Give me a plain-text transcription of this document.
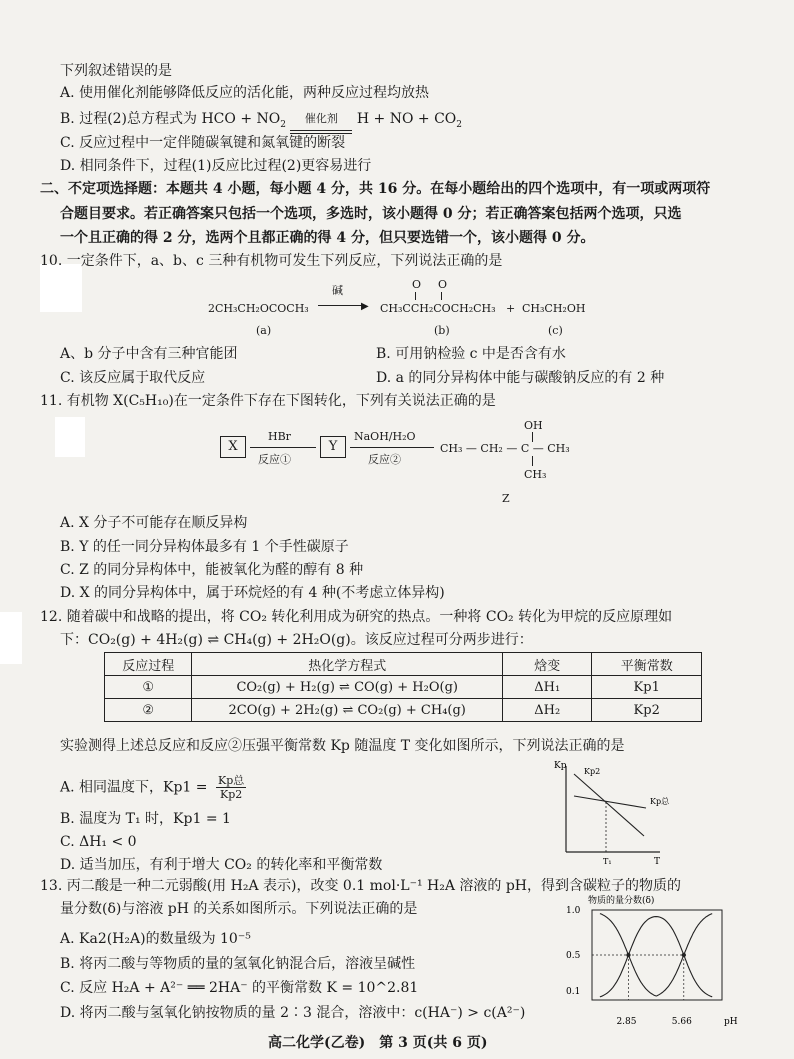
下列叙述错误的是
A. 使用催化剂能够降低反应的活化能，两种反应过程均放热
B. 过程(2)总方程式为 HCO + $NO_2$	催化剂	H + NO + $CO_2$
C. 反应过程中一定伴随碳氧键和氮氧键的断裂
D. 相同条件下，过程(1)反应比过程(2)更容易进行
二、不定项选择题：本题共 4 小题，每小题 4 分，共 16 分。在每小题给出的四个选项中，有一项或两项符
合题目要求。若正确答案只包括一个选项，多选时，该小题得 0 分；若正确答案包括两个选项，只选
一个且正确的得 2 分，选两个且都正确的得 4 分，但只要选错一个，该小题得 0 分。
10. 一定条件下，a、b、c 三种有机物可发生下列反应，下列说法正确的是
2CH₃CH₂OCOCH₃
碱
▶
O O
CH₃CCH₂COCH₂CH₃ + CH₃CH₂OH
(a)	(b)	(c)
A、b 分子中含有三种官能团	B. 可用钠检验 c 中是否含有水
C. 该反应属于取代反应	D. a 的同分异构体中能与碳酸钠反应的有 2 种
11. 有机物 X(C₅H₁₀)在一定条件下存在下图转化，下列有关说法正确的是
X
HBr
反应①
Y
NaOH/H₂O
反应②
OH
CH₃ — CH₂ — C — CH₃
CH₃
Z
A. X 分子不可能存在顺反异构
B. Y 的任一同分异构体最多有 1 个手性碳原子
C. Z 的同分异构体中，能被氧化为醛的醇有 8 种
D. X 的同分异构体中，属于环烷烃的有 4 种(不考虑立体异构)
12. 随着碳中和战略的提出，将 CO₂ 转化利用成为研究的热点。一种将 CO₂ 转化为甲烷的反应原理如
下：CO₂(g) + 4H₂(g) ⇌ CH₄(g) + 2H₂O(g)。该反应过程可分两步进行：
反应过程	热化学方程式	焓变	平衡常数
①	CO₂(g) + H₂(g) ⇌ CO(g) + H₂O(g)	ΔH₁	Kp1
②	2CO(g) + 2H₂(g) ⇌ CO₂(g) + CH₄(g)	ΔH₂	Kp2
实验测得上述总反应和反应②压强平衡常数 Kp 随温度 T 变化如图所示，下列说法正确的是
A. 相同温度下，Kp1 = Kp总
Kp2
B. 温度为 T₁ 时，Kp1 = 1
C. ΔH₁ < 0
D. 适当加压，有利于增大 CO₂ 的转化率和平衡常数
Kp
T
Kp2
Kp总
T₁
13. 丙二酸是一种二元弱酸(用 H₂A 表示)，改变 0.1 mol·L⁻¹ H₂A 溶液的 pH，得到含碳粒子的物质的
量分数(δ)与溶液 pH 的关系如图所示。下列说法正确的是
A. Ka2(H₂A)的数量级为 10⁻⁵
B. 将丙二酸与等物质的量的氢氧化钠混合后，溶液呈碱性
C. 反应 H₂A + A²⁻ ══ 2HA⁻ 的平衡常数 K = 10^2.81
D. 将丙二酸与氢氧化钠按物质的量 2∶3 混合，溶液中：c(HA⁻) > c(A²⁻)
物质的量分数(δ)
1.0
0.5
0.1
2.85	5.66	pH
高二化学(乙卷)　第 3 页(共 6 页)
